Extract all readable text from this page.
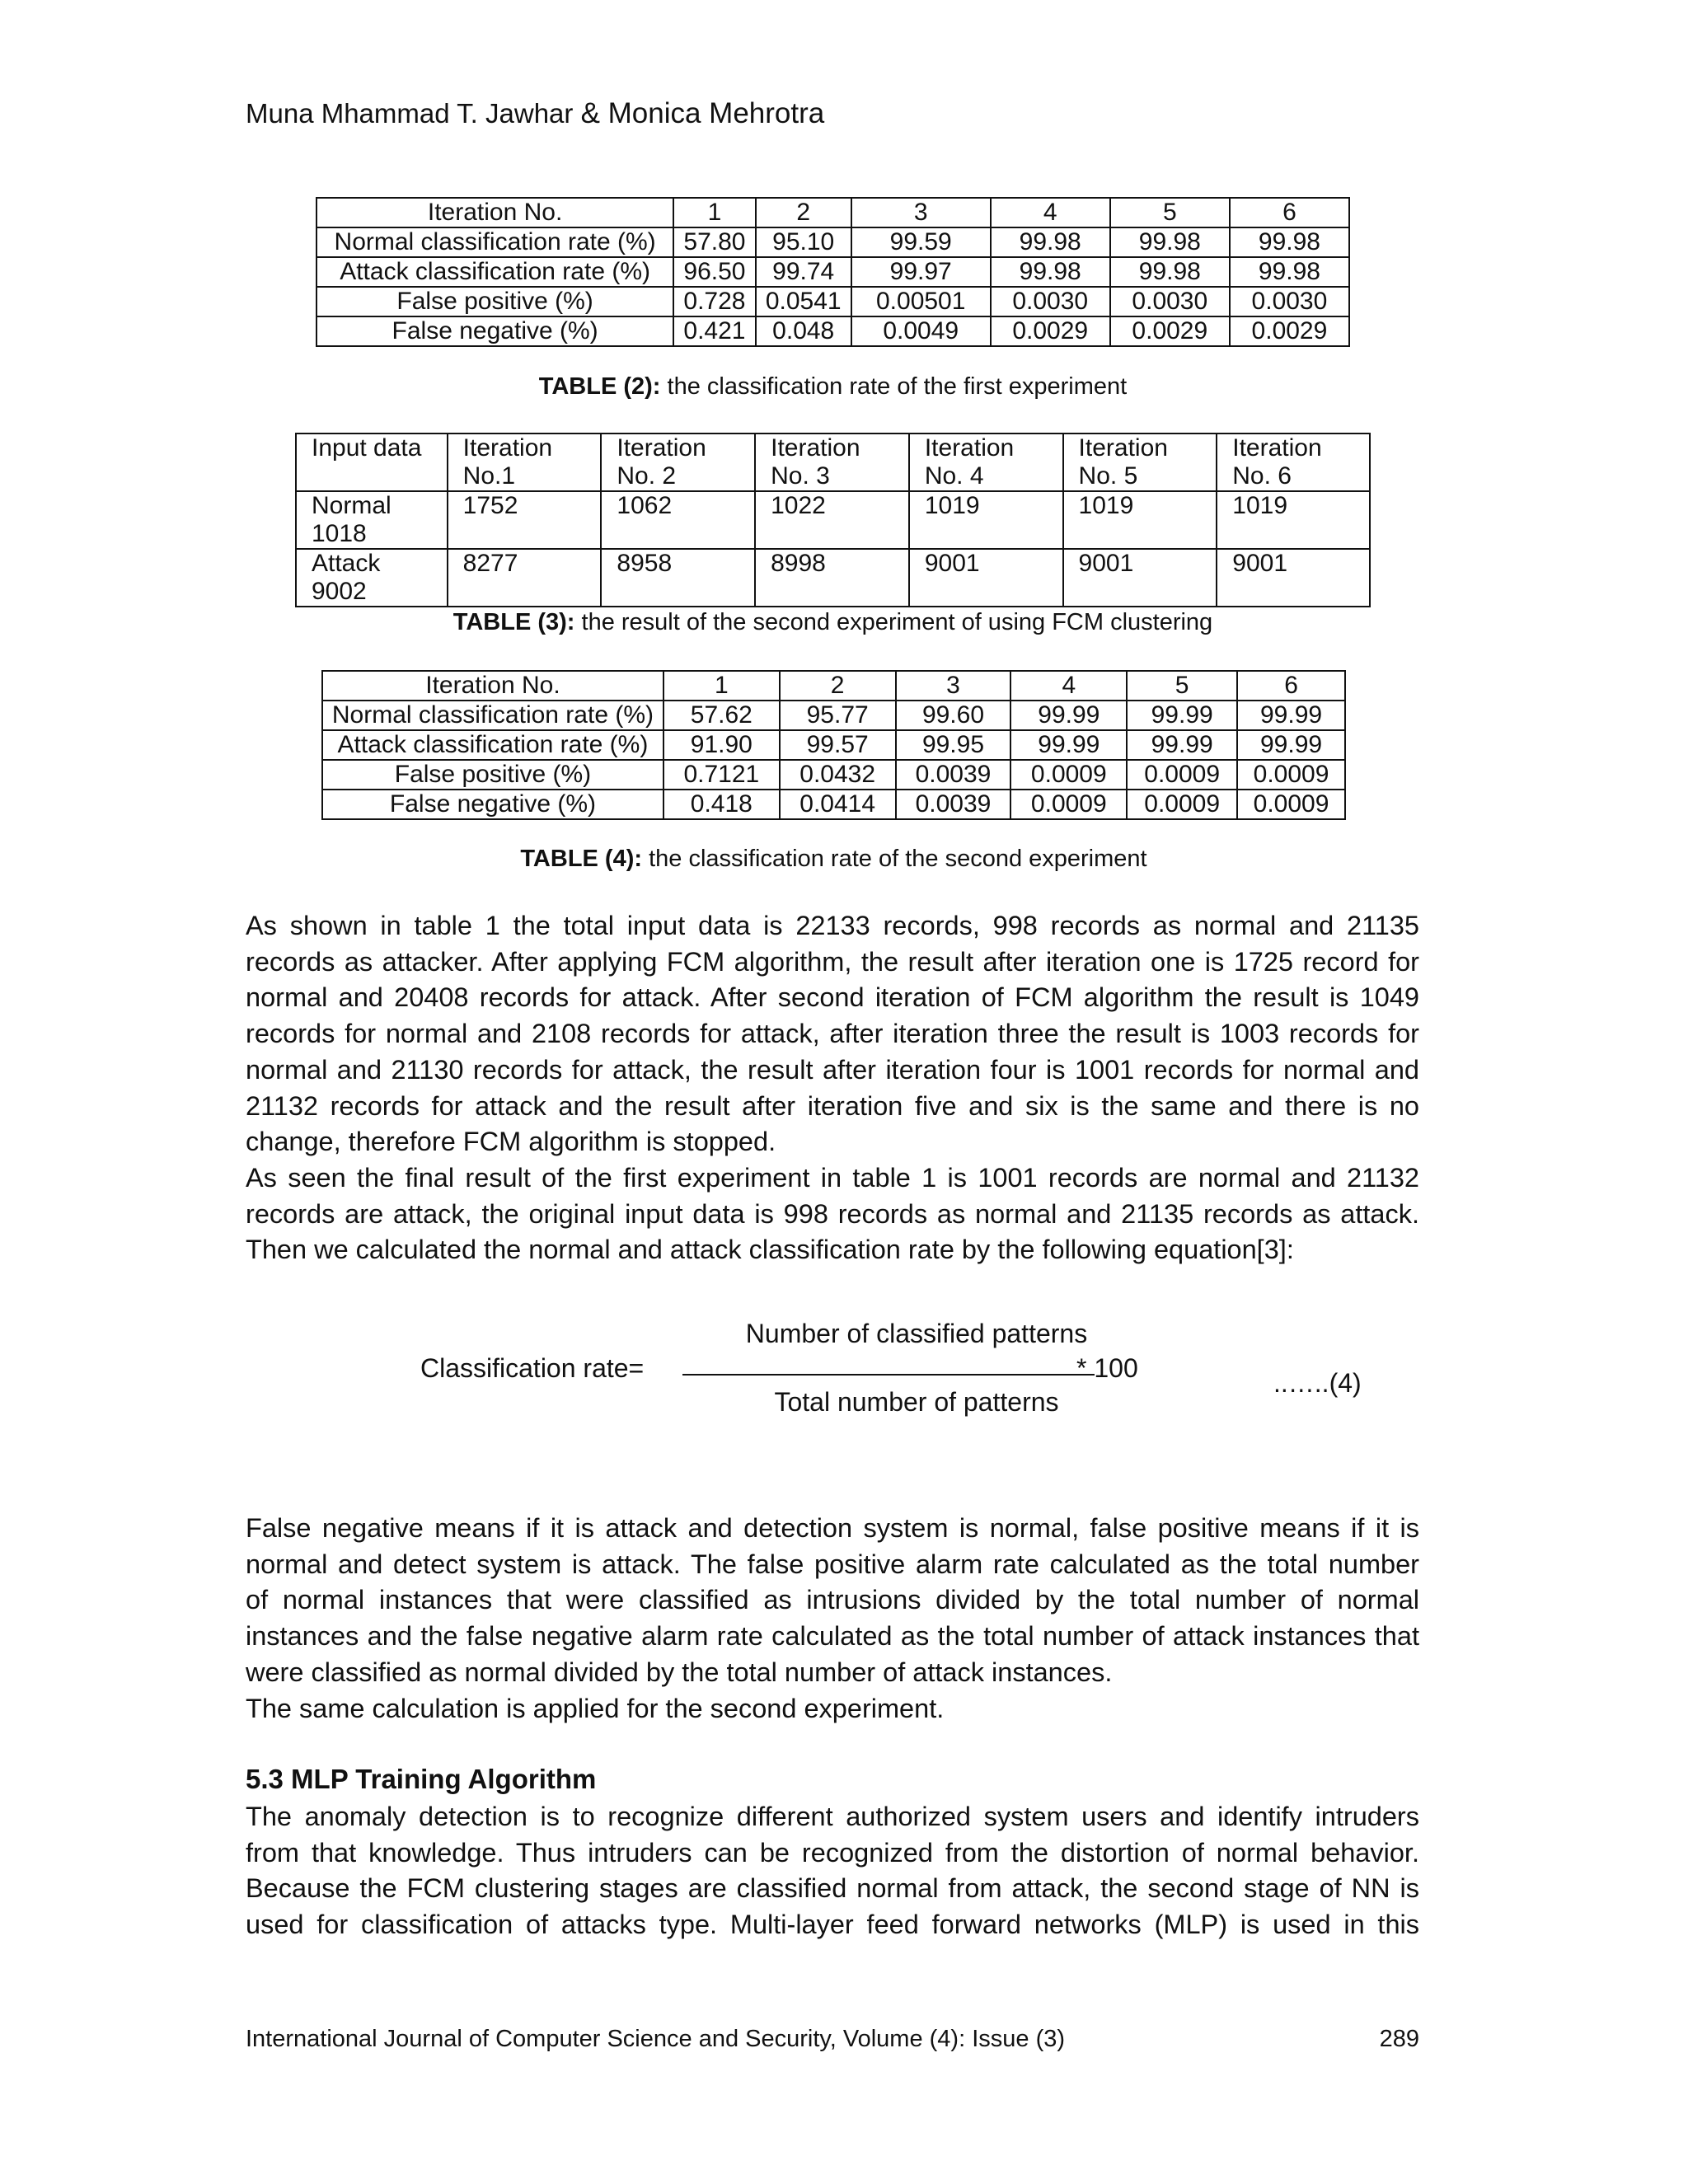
Muna Mhammad T. Jawhar & Monica Mehrotra
Iteration No.	1	2	3	4	5	6
Normal classification rate (%)	57.80	95.10	99.59	99.98	99.98	99.98
Attack classification rate (%)	96.50	99.74	99.97	99.98	99.98	99.98
False positive (%)	0.728	0.0541	0.00501	0.0030	0.0030	0.0030
False negative (%)	0.421	0.048	0.0049	0.0029	0.0029	0.0029
TABLE (2): the classification rate of the first experiment
Input data	Iteration No.1	Iteration No. 2	Iteration No. 3	Iteration No. 4	Iteration No. 5	Iteration No. 6
Normal 1018	1752	1062	1022	1019	1019	1019
Attack 9002	8277	8958	8998	9001	9001	9001
TABLE (3): the result of the second experiment of using FCM clustering
Iteration No.	1	2	3	4	5	6
Normal classification rate (%)	57.62	95.77	99.60	99.99	99.99	99.99
Attack classification rate (%)	91.90	99.57	99.95	99.99	99.99	99.99
False positive (%)	0.7121	0.0432	0.0039	0.0009	0.0009	0.0009
False negative (%)	0.418	0.0414	0.0039	0.0009	0.0009	0.0009
TABLE (4): the classification rate of the second experiment
As shown in table 1 the total input data is 22133 records, 998 records as normal and 21135
records as attacker. After applying FCM algorithm, the result after iteration one is 1725 record for
normal and 20408 records for attack. After second iteration of FCM algorithm the result is 1049
records for normal and 2108 records for attack, after iteration three the result is 1003 records for
normal and 21130 records for attack, the result after iteration four is 1001 records for normal and
21132 records for attack and the result after iteration five and six is the same and there is no
change, therefore FCM algorithm is stopped.
As seen the final result of the first experiment in table 1 is 1001 records are normal and 21132
records are attack, the original input data is 998 records as normal and 21135 records as attack.
Then we calculated the normal and attack classification rate by the following equation[3]:
Classification rate=
Number of classified patterns
* 100
Total number of patterns
..…..(4)
False negative means if it is attack and detection system is normal, false positive means if it is
normal and detect system is attack. The false positive alarm rate calculated as the total number
of normal instances that were classified as intrusions divided by the total number of normal
instances and the false negative alarm rate calculated as the total number of attack instances that
were classified as normal divided by the total number of attack instances.
The same calculation is applied for the second experiment.
5.3 MLP Training Algorithm
The anomaly detection is to recognize different authorized system users and identify intruders
from that knowledge. Thus intruders can be recognized from the distortion of normal behavior.
Because the FCM clustering stages are classified normal from attack, the second stage of NN is
used for classification of attacks type. Multi-layer feed forward networks (MLP) is used in this
International Journal of Computer Science and Security, Volume (4): Issue (3)	289
